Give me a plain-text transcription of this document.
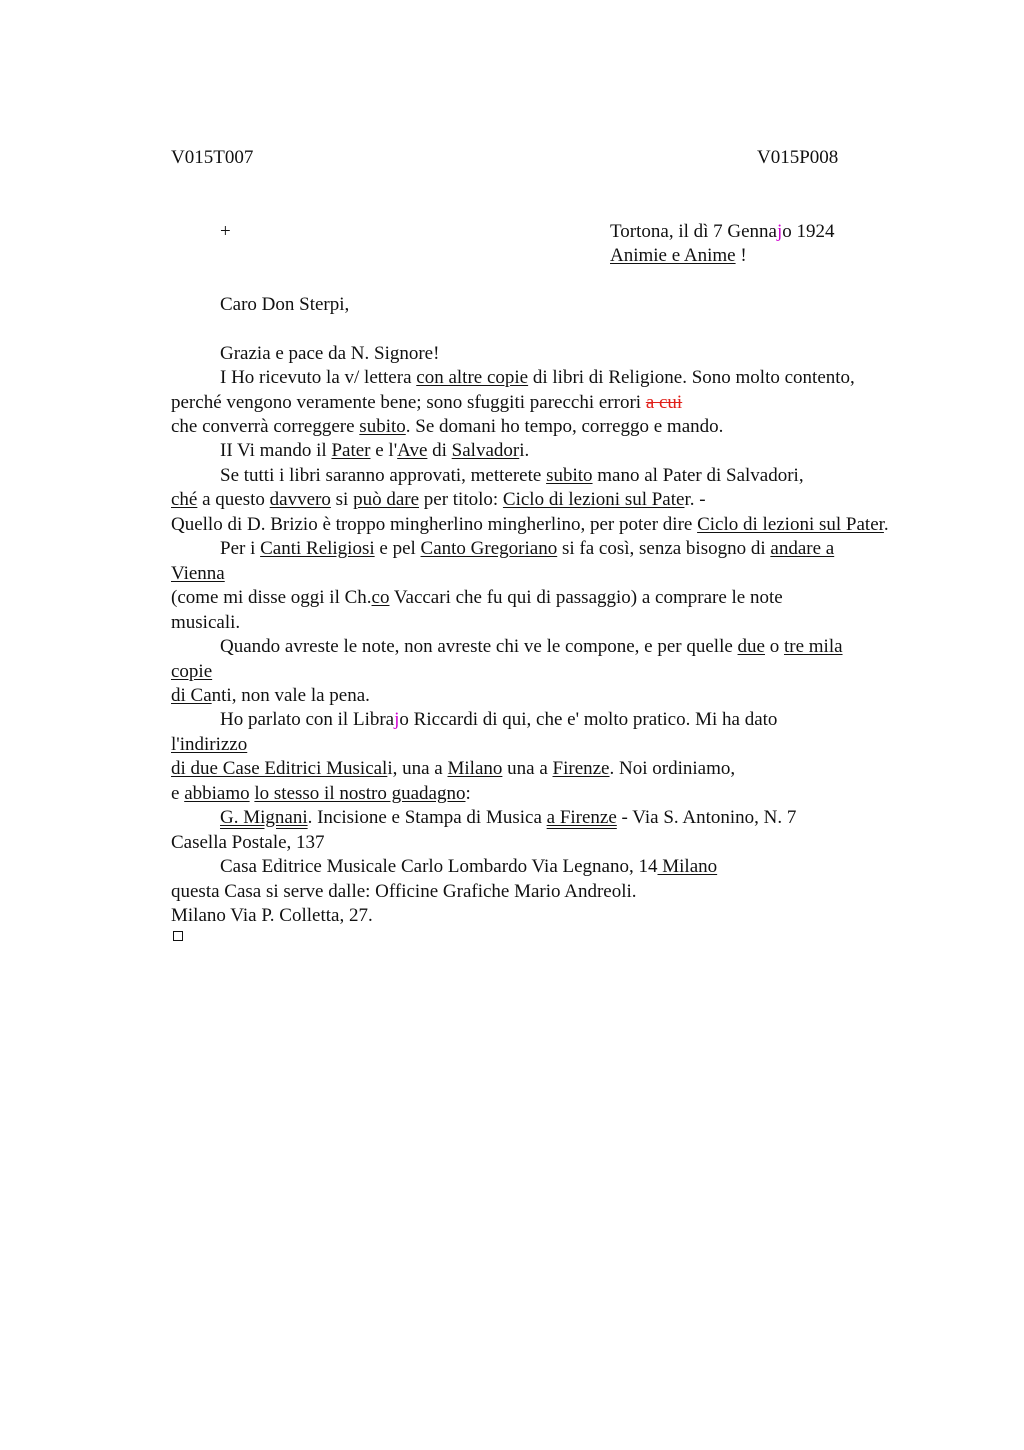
V015T007	V015P008
+	Tortona, il dì 7 Gennajo 1924
Animie e Anime !
Caro Don Sterpi,
Grazia e pace da N. Signore!
I Ho ricevuto la v/ lettera con altre copie di libri di Religione. Sono molto contento,
perché vengono veramente bene; sono sfuggiti parecchi errori a cui
che converrà correggere subito. Se domani ho tempo, correggo e mando.
II Vi mando il Pater e l'Ave di Salvadori.
Se tutti i libri saranno approvati, metterete subito mano al Pater di Salvadori,
ché a questo davvero si può dare per titolo: Ciclo di lezioni sul Pater. -
Quello di D. Brizio è troppo mingherlino mingherlino, per poter dire Ciclo di lezioni sul Pater.
Per i Canti Religiosi e pel Canto Gregoriano si fa così, senza bisogno di andare a
Vienna
(come mi disse oggi il Ch.co Vaccari che fu qui di passaggio) a comprare le note
musicali.
Quando avreste le note, non avreste chi ve le compone, e per quelle due o tre mila
copie
di Canti, non vale la pena.
Ho parlato con il Librajo Riccardi di qui, che e' molto pratico. Mi ha dato
l'indirizzo
di due Case Editrici Musicali, una a Milano una a Firenze. Noi ordiniamo,
e abbiamo lo stesso il nostro guadagno:
G. Mignani. Incisione e Stampa di Musica a Firenze - Via S. Antonino, N. 7
Casella Postale, 137
Casa Editrice Musicale Carlo Lombardo Via Legnano, 14 Milano
questa Casa si serve dalle: Officine Grafiche Mario Andreoli.
Milano Via P. Colletta, 27.
